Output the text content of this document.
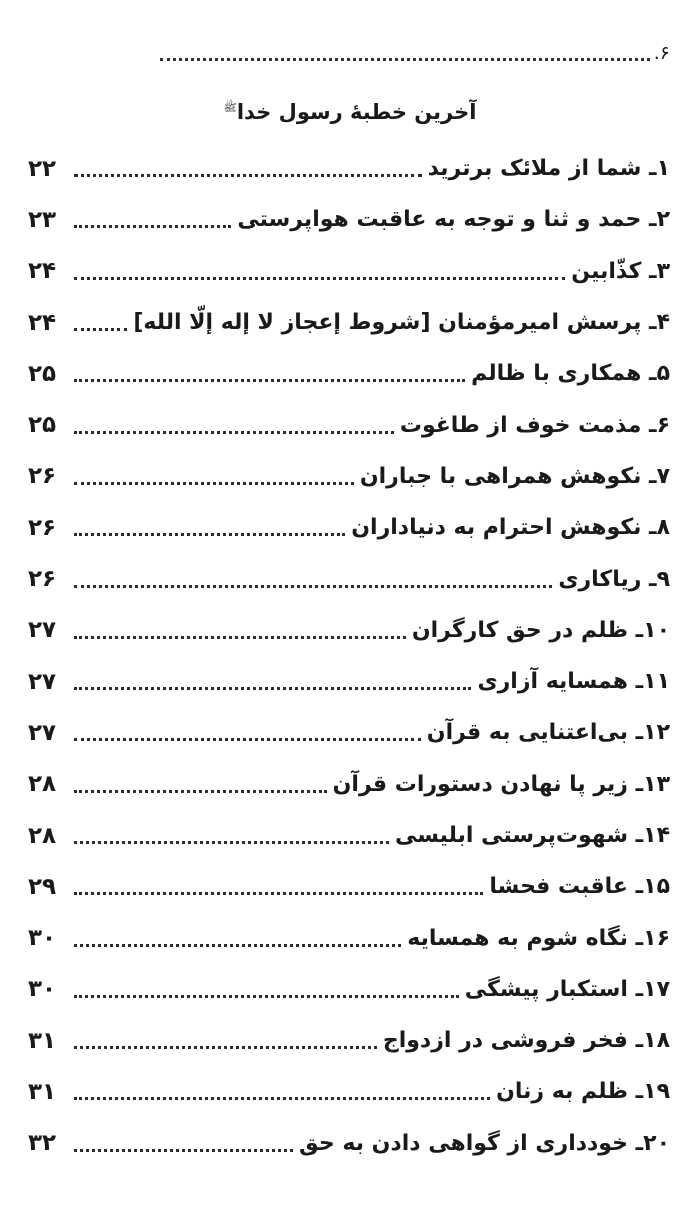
۶.
آخرین خطبهٔ رسول خدا$^ﷺ$
۱ـ شما از ملائک برترید
۲۲
۲ـ حمد و ثنا و توجه به عاقبت هواپرستی
۲۳
۳ـ کذّابین
۲۴
۴ـ پرسش امیرمؤمنان [شروط إعجاز لا إله إلّا الله]
۲۴
۵ـ همکاری با ظالم
۲۵
۶ـ مذمت خوف از طاغوت
۲۵
۷ـ نکوهش همراهی با جباران
۲۶
۸ـ نکوهش احترام به دنیاداران
۲۶
۹ـ ریاکاری
۲۶
۱۰ـ ظلم در حق کارگران
۲۷
۱۱ـ همسایه آزاری
۲۷
۱۲ـ بی‌اعتنایی به قرآن
۲۷
۱۳ـ زیر پا نهادن دستورات قرآن
۲۸
۱۴ـ شهوت‌پرستی ابلیسی
۲۸
۱۵ـ عاقبت فحشا
۲۹
۱۶ـ نگاه شوم به همسایه
۳۰
۱۷ـ استکبار پیشگی
۳۰
۱۸ـ فخر فروشی در ازدواج
۳۱
۱۹ـ ظلم به زنان
۳۱
۲۰ـ خودداری از گواهی دادن به حق
۳۲
